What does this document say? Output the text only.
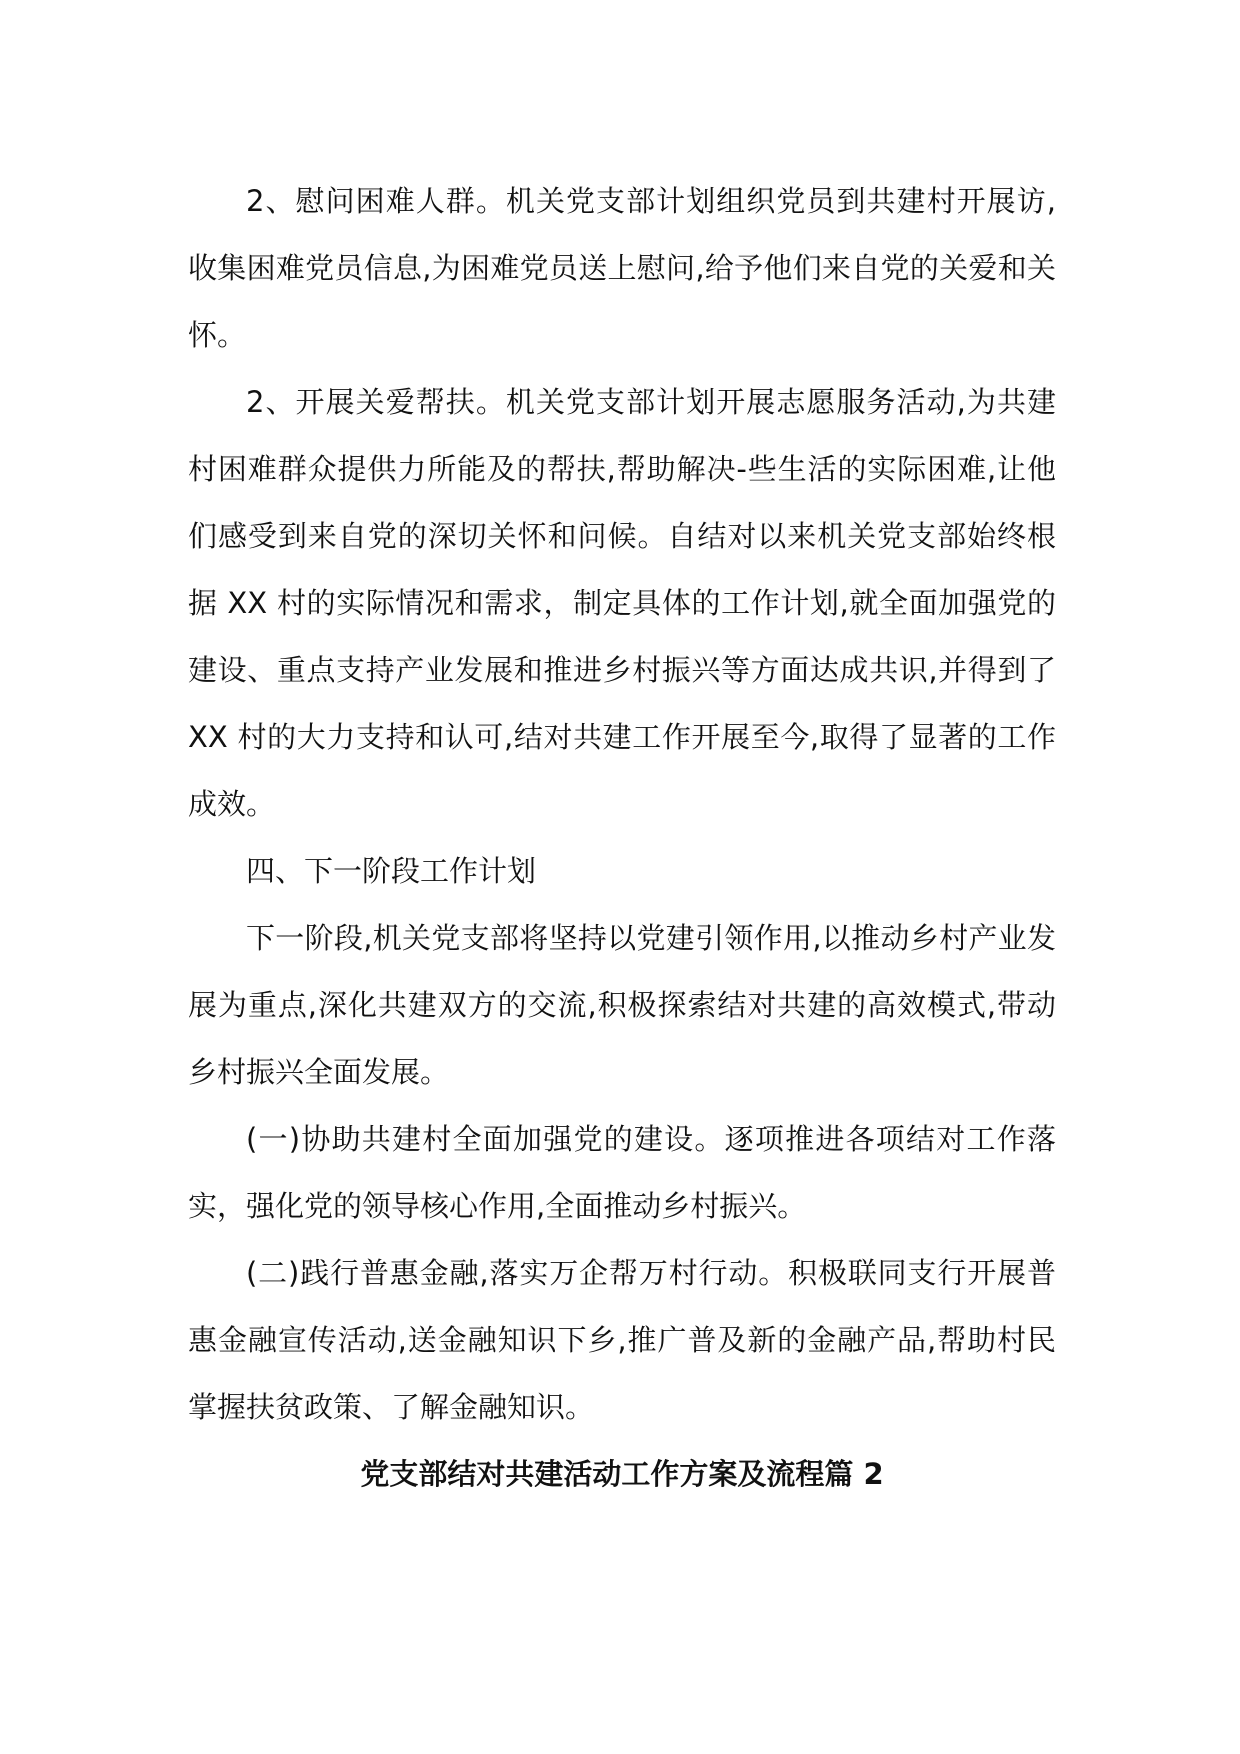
2、慰问困难人群。机关党支部计划组织党员到共建村开展访,收集困难党员信息,为困难党员送上慰问,给予他们来自党的关爱和关怀。

2、开展关爱帮扶。机关党支部计划开展志愿服务活动,为共建村困难群众提供力所能及的帮扶,帮助解决-些生活的实际困难,让他们感受到来自党的深切关怀和问候。自结对以来机关党支部始终根据 XX 村的实际情况和需求，制定具体的工作计划,就全面加强党的建设、重点支持产业发展和推进乡村振兴等方面达成共识,并得到了 XX 村的大力支持和认可,结对共建工作开展至今,取得了显著的工作成效。

四、下一阶段工作计划

下一阶段,机关党支部将坚持以党建引领作用,以推动乡村产业发展为重点,深化共建双方的交流,积极探索结对共建的高效模式,带动乡村振兴全面发展。

(一)协助共建村全面加强党的建设。逐项推进各项结对工作落实，强化党的领导核心作用,全面推动乡村振兴。

(二)践行普惠金融,落实万企帮万村行动。积极联同支行开展普惠金融宣传活动,送金融知识下乡,推广普及新的金融产品,帮助村民掌握扶贫政策、了解金融知识。

党支部结对共建活动工作方案及流程篇 2
